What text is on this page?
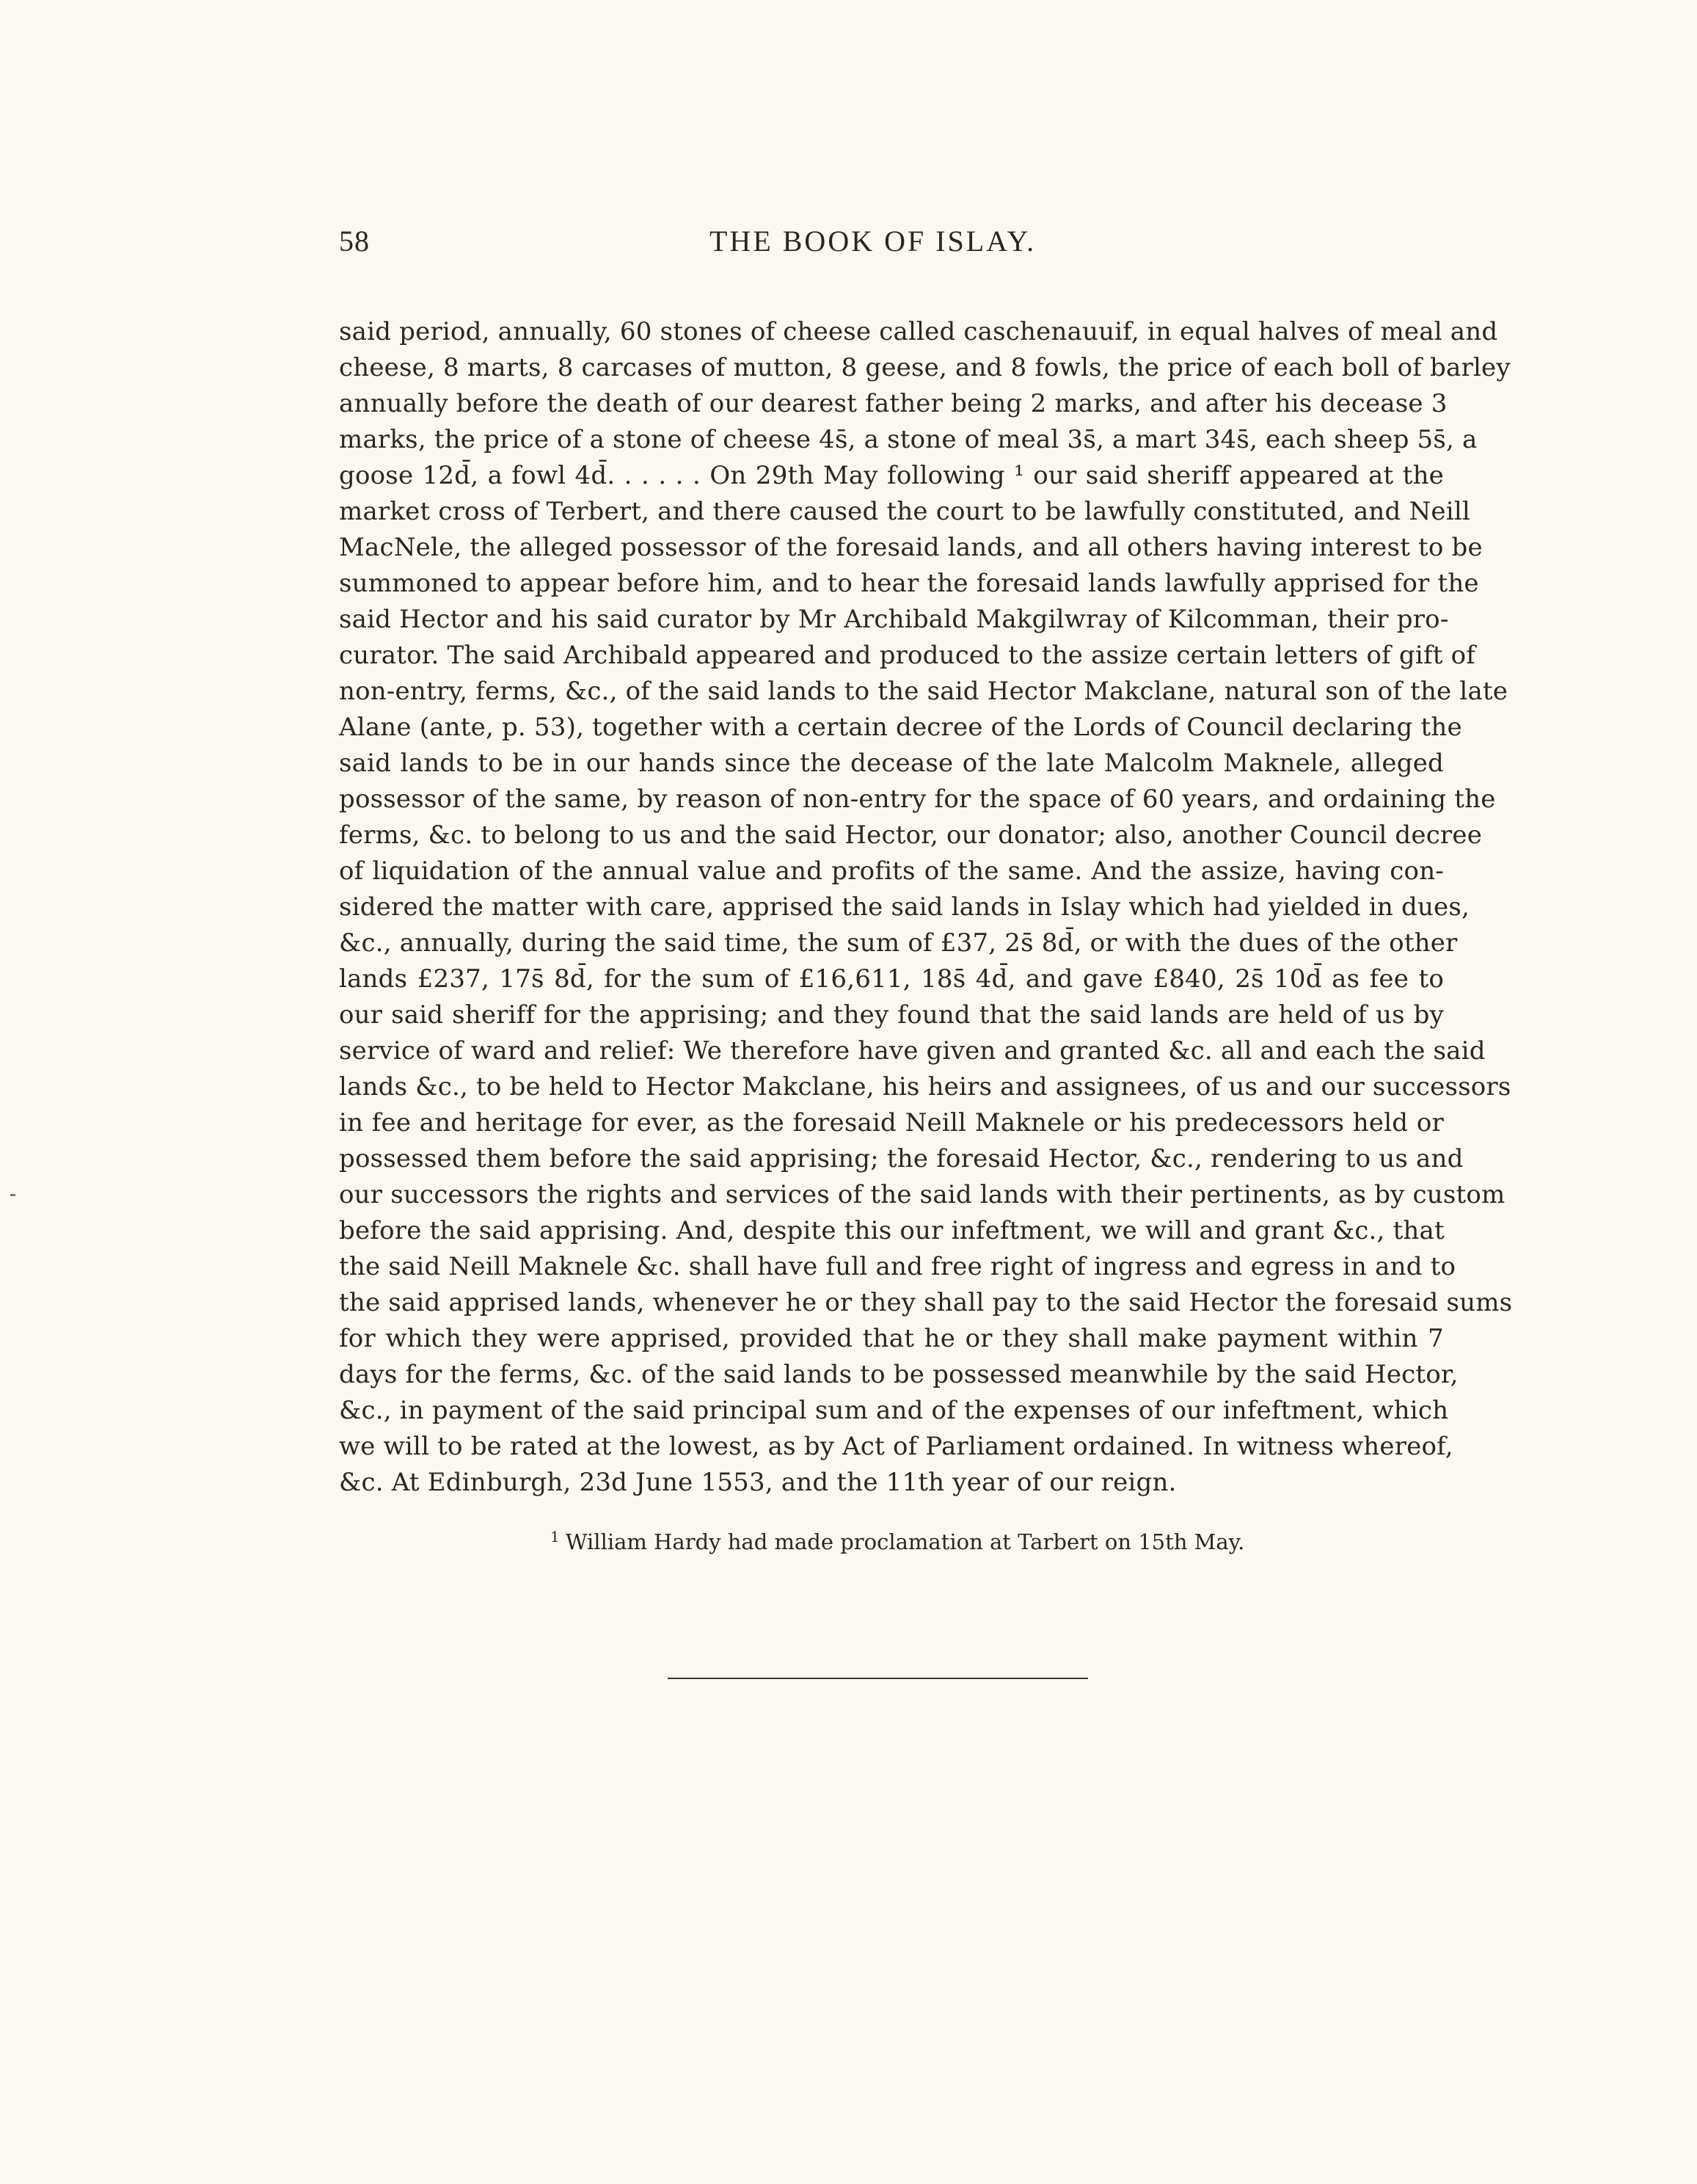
58	THE BOOK OF ISLAY.
said period, annually, 60 stones of cheese called caschenauuif, in equal halves of meal and
cheese, 8 marts, 8 carcases of mutton, 8 geese, and 8 fowls, the price of each boll of barley
annually before the death of our dearest father being 2 marks, and after his decease 3
marks, the price of a stone of cheese 4s̄, a stone of meal 3s̄, a mart 34s̄, each sheep 5s̄, a
goose 12d̄, a fowl 4d̄. . . . . . On 29th May following ¹ our said sheriff appeared at the
market cross of Terbert, and there caused the court to be lawfully constituted, and Neill
MacNele, the alleged possessor of the foresaid lands, and all others having interest to be
summoned to appear before him, and to hear the foresaid lands lawfully apprised for the
said Hector and his said curator by Mr Archibald Makgilwray of Kilcomman, their pro-
curator. The said Archibald appeared and produced to the assize certain letters of gift of
non-entry, ferms, &c., of the said lands to the said Hector Makclane, natural son of the late
Alane (ante, p. 53), together with a certain decree of the Lords of Council declaring the
said lands to be in our hands since the decease of the late Malcolm Maknele, alleged
possessor of the same, by reason of non-entry for the space of 60 years, and ordaining the
ferms, &c. to belong to us and the said Hector, our donator; also, another Council decree
of liquidation of the annual value and profits of the same. And the assize, having con-
sidered the matter with care, apprised the said lands in Islay which had yielded in dues,
&c., annually, during the said time, the sum of £37, 2s̄ 8d̄, or with the dues of the other
lands £237, 17s̄ 8d̄, for the sum of £16,611, 18s̄ 4d̄, and gave £840, 2s̄ 10d̄ as fee to
our said sheriff for the apprising; and they found that the said lands are held of us by
service of ward and relief: We therefore have given and granted &c. all and each the said
lands &c., to be held to Hector Makclane, his heirs and assignees, of us and our successors
in fee and heritage for ever, as the foresaid Neill Maknele or his predecessors held or
possessed them before the said apprising; the foresaid Hector, &c., rendering to us and
our successors the rights and services of the said lands with their pertinents, as by custom
before the said apprising. And, despite this our infeftment, we will and grant &c., that
the said Neill Maknele &c. shall have full and free right of ingress and egress in and to
the said apprised lands, whenever he or they shall pay to the said Hector the foresaid sums
for which they were apprised, provided that he or they shall make payment within 7
days for the ferms, &c. of the said lands to be possessed meanwhile by the said Hector,
&c., in payment of the said principal sum and of the expenses of our infeftment, which
we will to be rated at the lowest, as by Act of Parliament ordained. In witness whereof,
&c. At Edinburgh, 23d June 1553, and the 11th year of our reign.
$^1$ William Hardy had made proclamation at Tarbert on 15th May.
